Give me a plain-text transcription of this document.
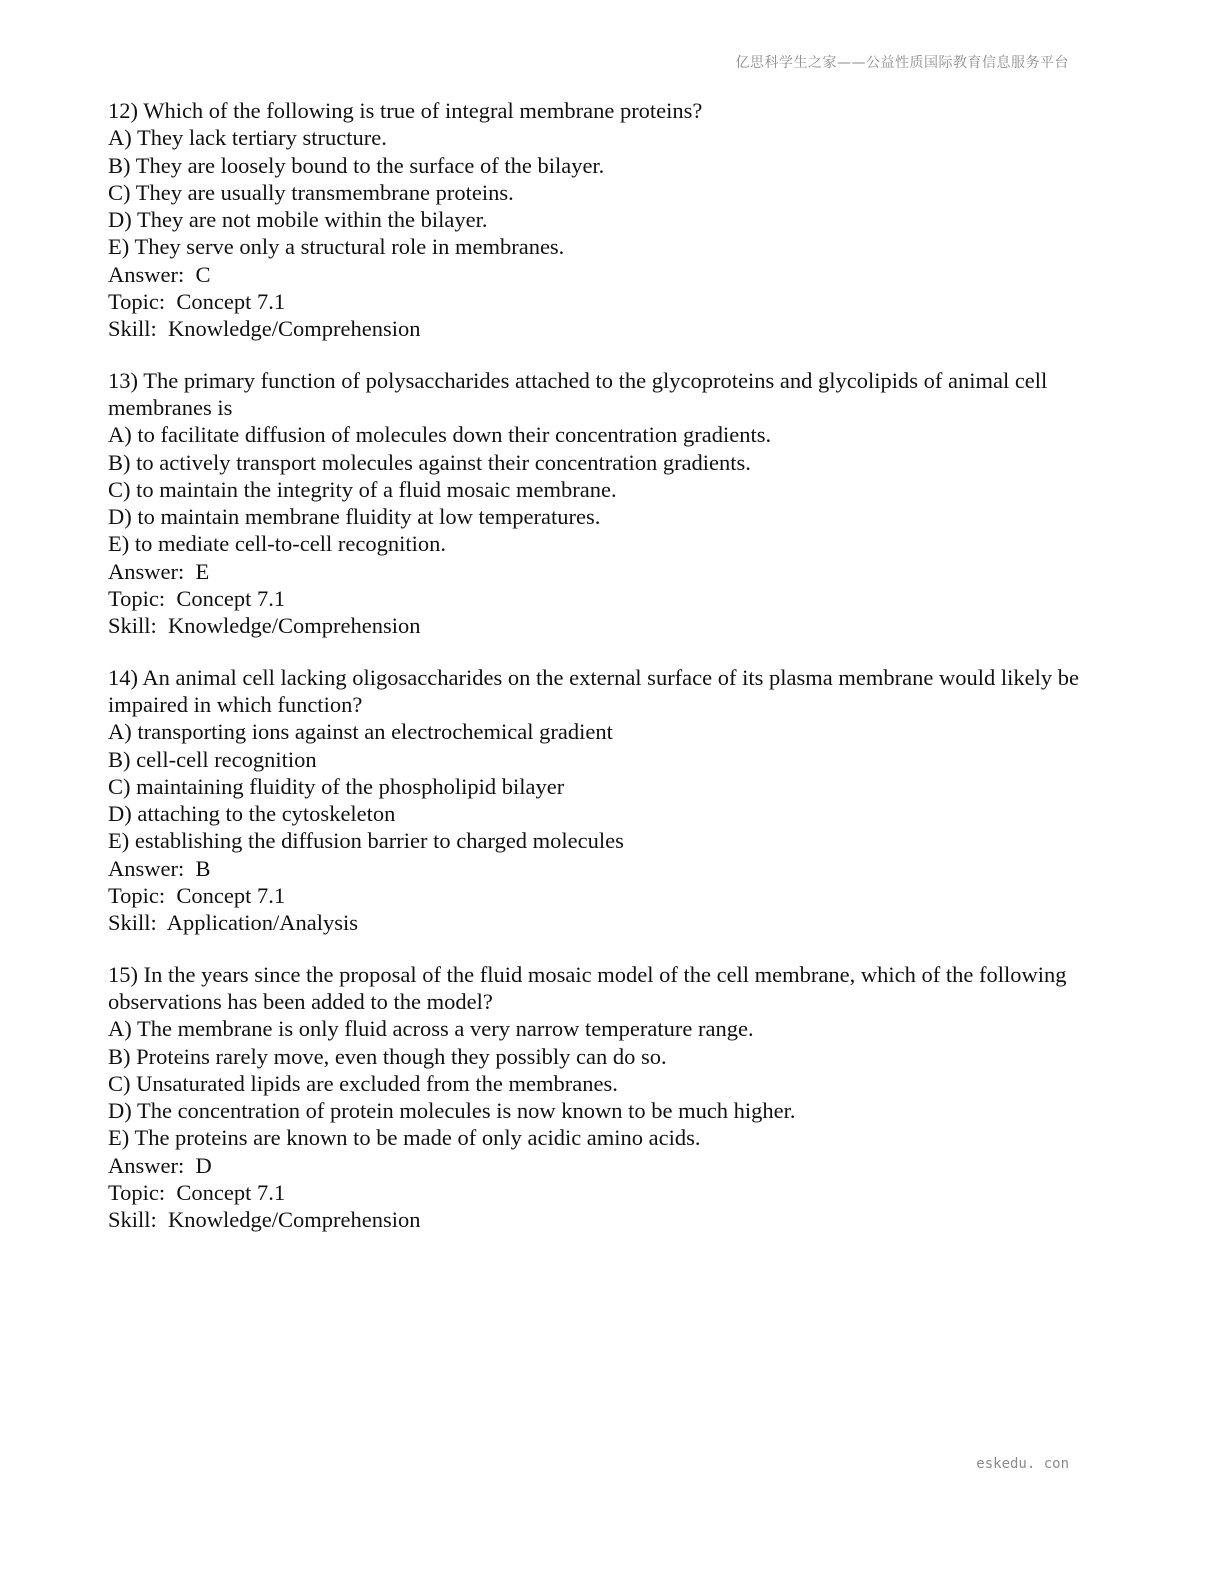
亿思科学生之家——公益性质国际教育信息服务平台
12) Which of the following is true of integral membrane proteins?
A) They lack tertiary structure.
B) They are loosely bound to the surface of the bilayer.
C) They are usually transmembrane proteins.
D) They are not mobile within the bilayer.
E) They serve only a structural role in membranes.
Answer:  C
Topic:  Concept 7.1
Skill:  Knowledge/Comprehension
13) The primary function of polysaccharides attached to the glycoproteins and glycolipids of animal cell membranes is
A) to facilitate diffusion of molecules down their concentration gradients.
B) to actively transport molecules against their concentration gradients.
C) to maintain the integrity of a fluid mosaic membrane.
D) to maintain membrane fluidity at low temperatures.
E) to mediate cell-to-cell recognition.
Answer:  E
Topic:  Concept 7.1
Skill:  Knowledge/Comprehension
14) An animal cell lacking oligosaccharides on the external surface of its plasma membrane would likely be impaired in which function?
A) transporting ions against an electrochemical gradient
B) cell-cell recognition
C) maintaining fluidity of the phospholipid bilayer
D) attaching to the cytoskeleton
E) establishing the diffusion barrier to charged molecules
Answer:  B
Topic:  Concept 7.1
Skill:  Application/Analysis
15) In the years since the proposal of the fluid mosaic model of the cell membrane, which of the following observations has been added to the model?
A) The membrane is only fluid across a very narrow temperature range.
B) Proteins rarely move, even though they possibly can do so.
C) Unsaturated lipids are excluded from the membranes.
D) The concentration of protein molecules is now known to be much higher.
E) The proteins are known to be made of only acidic amino acids.
Answer:  D
Topic:  Concept 7.1
Skill:  Knowledge/Comprehension
eskedu. con
